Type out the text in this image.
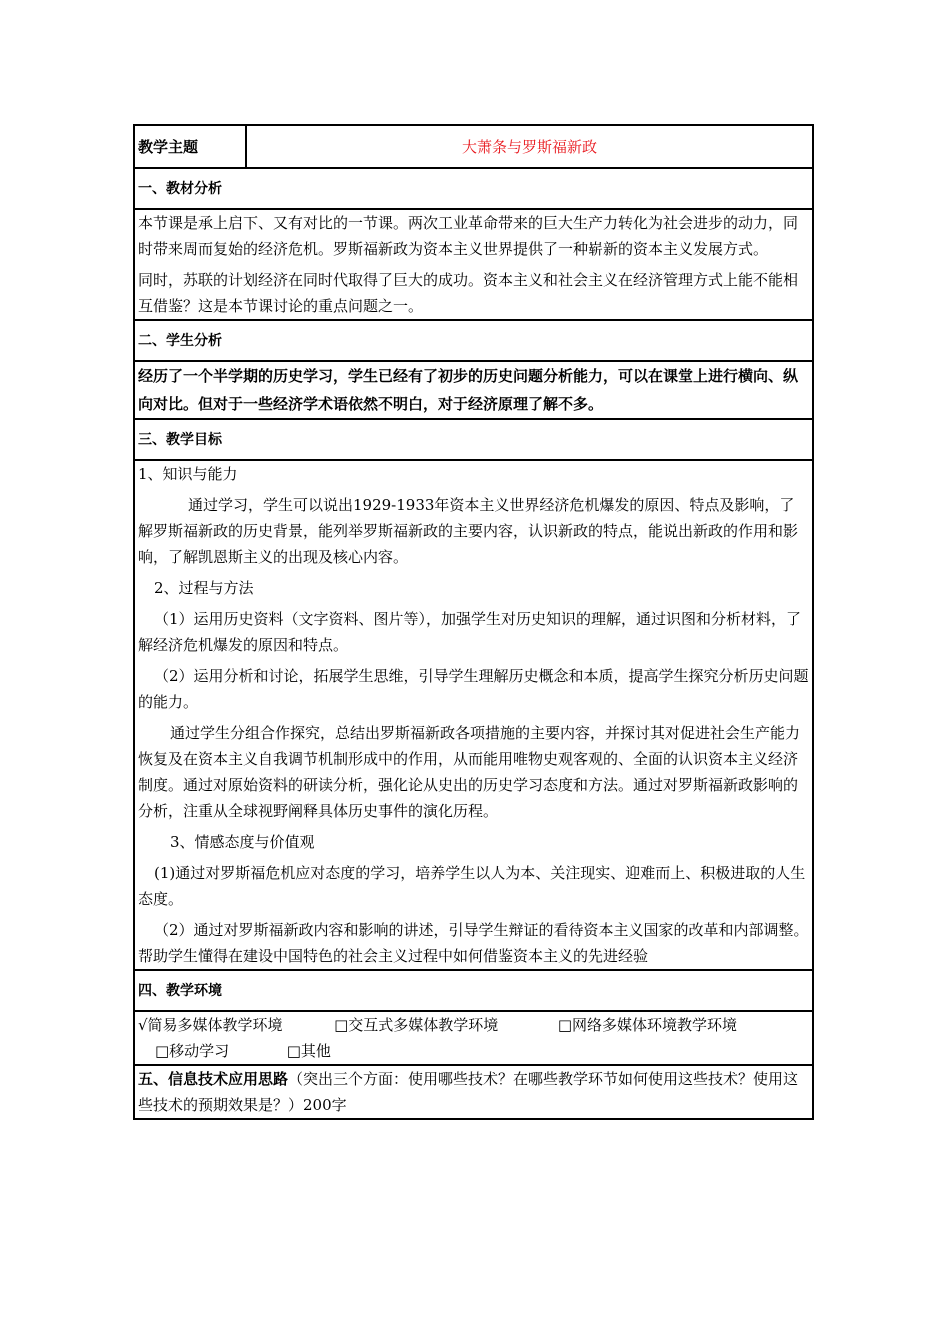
教学主题	大萧条与罗斯福新政
一、教材分析

本节课是承上启下、又有对比的一节课。两次工业革命带来的巨大生产力转化为社会进步的动力，同时带来周而复始的经济危机。罗斯福新政为资本主义世界提供了一种崭新的资本主义发展方式。

同时，苏联的计划经济在同时代取得了巨大的成功。资本主义和社会主义在经济管理方式上能不能相互借鉴？这是本节课讨论的重点问题之一。

二、学生分析

经历了一个半学期的历史学习，学生已经有了初步的历史问题分析能力，可以在课堂上进行横向、纵向对比。但对于一些经济学术语依然不明白，对于经济原理了解不多。

三、教学目标

1、知识与能力

通过学习，学生可以说出1929-1933年资本主义世界经济危机爆发的原因、特点及影响，了解罗斯福新政的历史背景，能列举罗斯福新政的主要内容，认识新政的特点，能说出新政的作用和影响，了解凯恩斯主义的出现及核心内容。

2、过程与方法

（1）运用历史资料（文字资料、图片等），加强学生对历史知识的理解，通过识图和分析材料，了解经济危机爆发的原因和特点。

（2）运用分析和讨论，拓展学生思维，引导学生理解历史概念和本质，提高学生探究分析历史问题的能力。

通过学生分组合作探究，总结出罗斯福新政各项措施的主要内容，并探讨其对促进社会生产能力恢复及在资本主义自我调节机制形成中的作用，从而能用唯物史观客观的、全面的认识资本主义经济制度。通过对原始资料的研读分析，强化论从史出的历史学习态度和方法。通过对罗斯福新政影响的分析，注重从全球视野阐释具体历史事件的演化历程。

3、情感态度与价值观

(1)通过对罗斯福危机应对态度的学习，培养学生以人为本、关注现实、迎难而上、积极进取的人生态度。

（2）通过对罗斯福新政内容和影响的讲述，引导学生辩证的看待资本主义国家的改革和内部调整。帮助学生懂得在建设中国特色的社会主义过程中如何借鉴资本主义的先进经验

四、教学环境

√简易多媒体教学环境	□交互式多媒体教学环境	□网络多媒体环境教学环境
□移动学习	□其他

五、信息技术应用思路（突出三个方面：使用哪些技术？在哪些教学环节如何使用这些技术？使用这些技术的预期效果是？）200字
